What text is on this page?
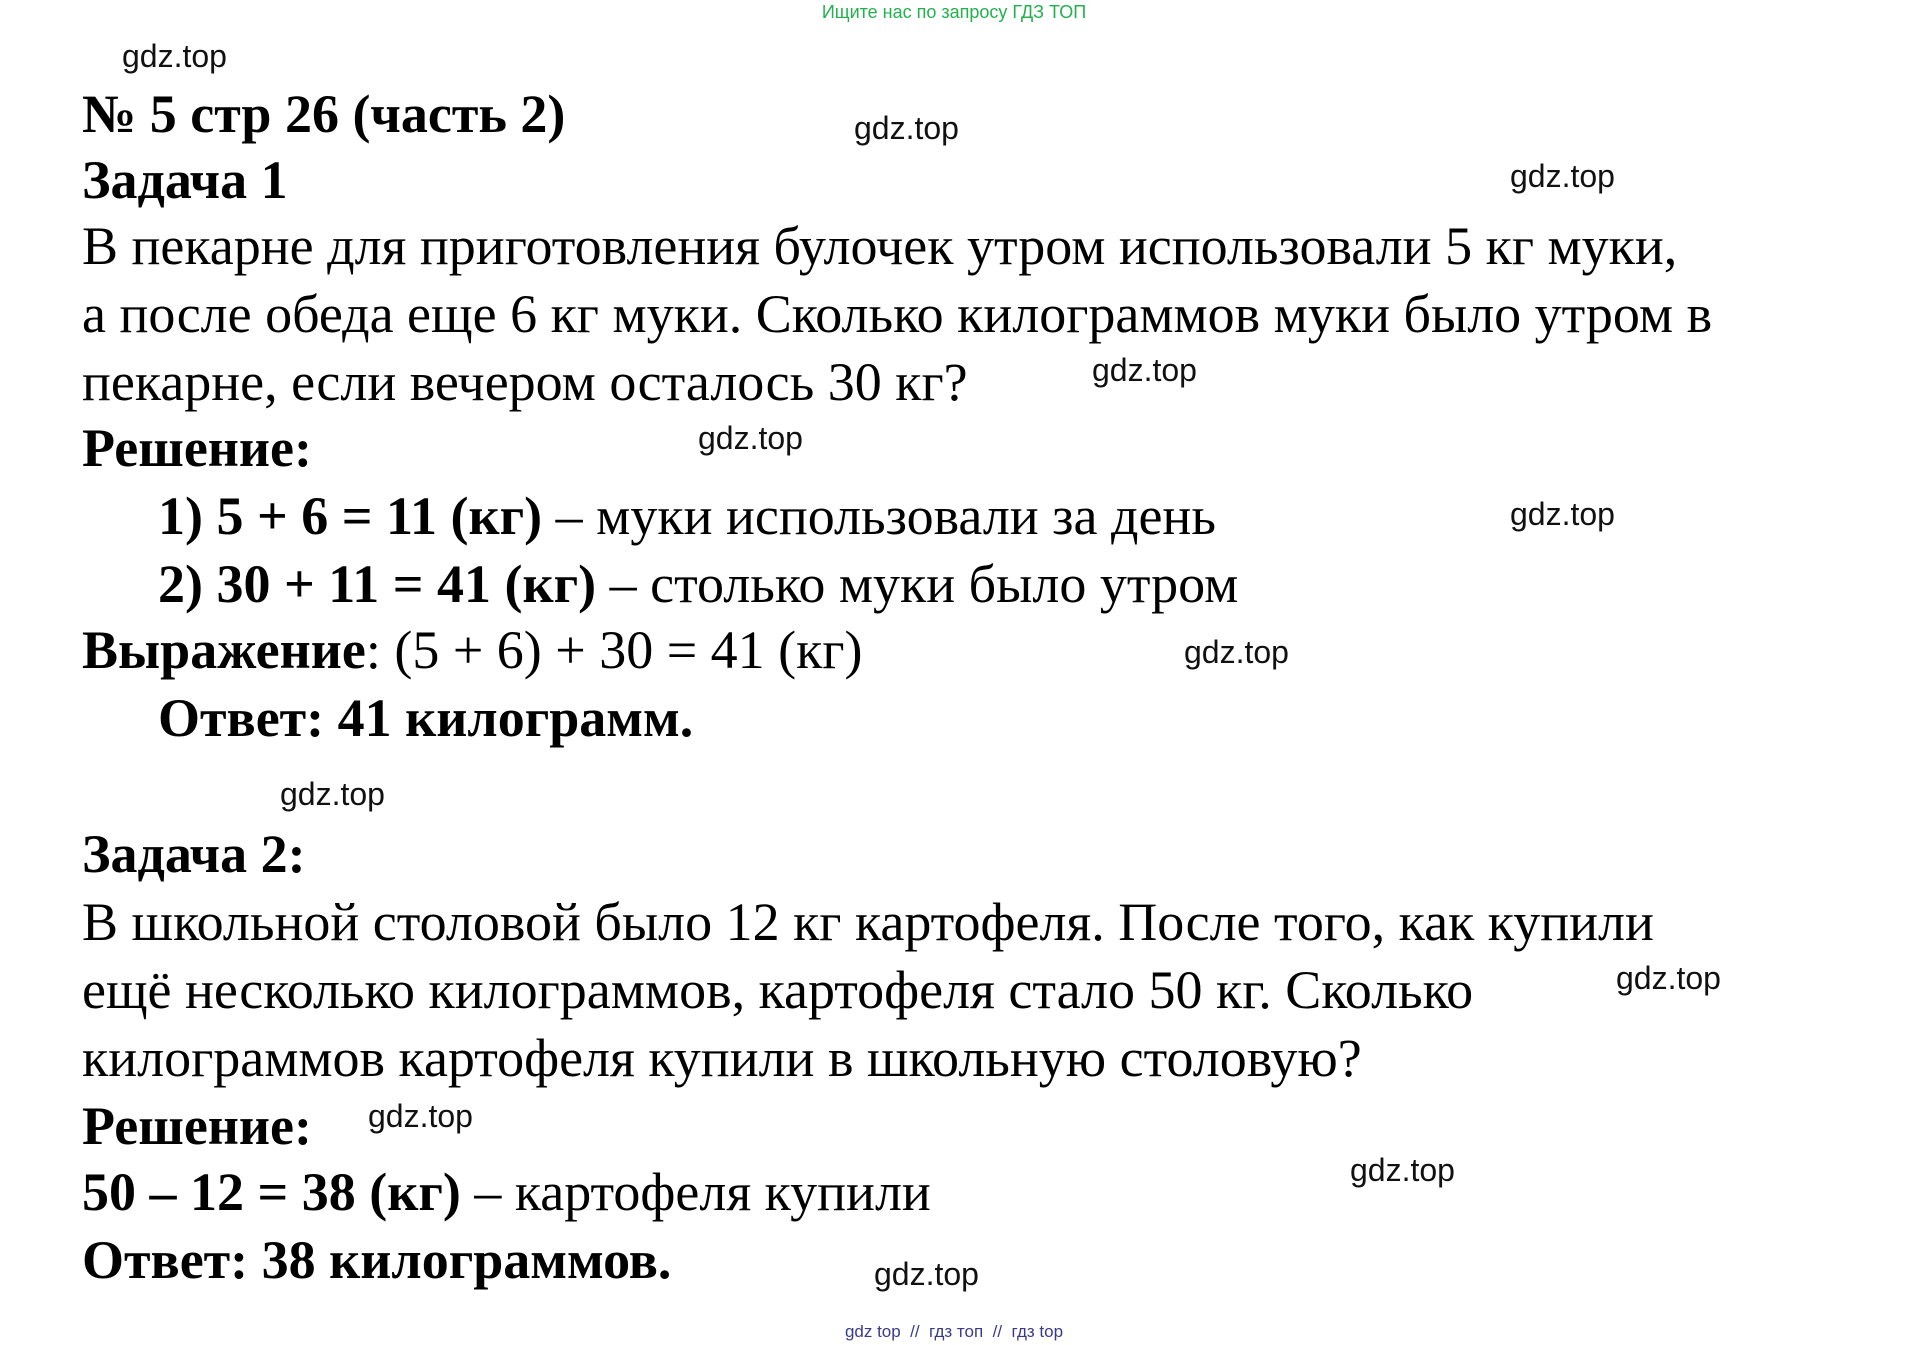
Ищите нас по запросу ГДЗ ТОП
gdz.top
gdz.top
gdz.top
gdz.top
gdz.top
gdz.top
gdz.top
gdz.top
gdz.top
gdz.top
gdz.top
gdz.top
№ 5 стр 26 (часть 2)
Задача 1
В пекарне для приготовления булочек утром использовали 5 кг муки,
а после обеда еще 6 кг муки. Сколько килограммов муки было утром в
пекарне, если вечером осталось 30 кг?
Решение:
1) 5 + 6 = 11 (кг) – муки использовали за день
2) 30 + 11 = 41 (кг) – столько муки было утром
Выражение: (5 + 6) + 30 = 41 (кг)
Ответ: 41 килограмм.
Задача 2:
В школьной столовой было 12 кг картофеля. После того, как купили
ещё несколько килограммов, картофеля стало 50 кг. Сколько
килограммов картофеля купили в школьную столовую?
Решение:
50 – 12 = 38 (кг) – картофеля купили
Ответ: 38 килограммов.
gdz top  //  гдз топ  //  гдз top
